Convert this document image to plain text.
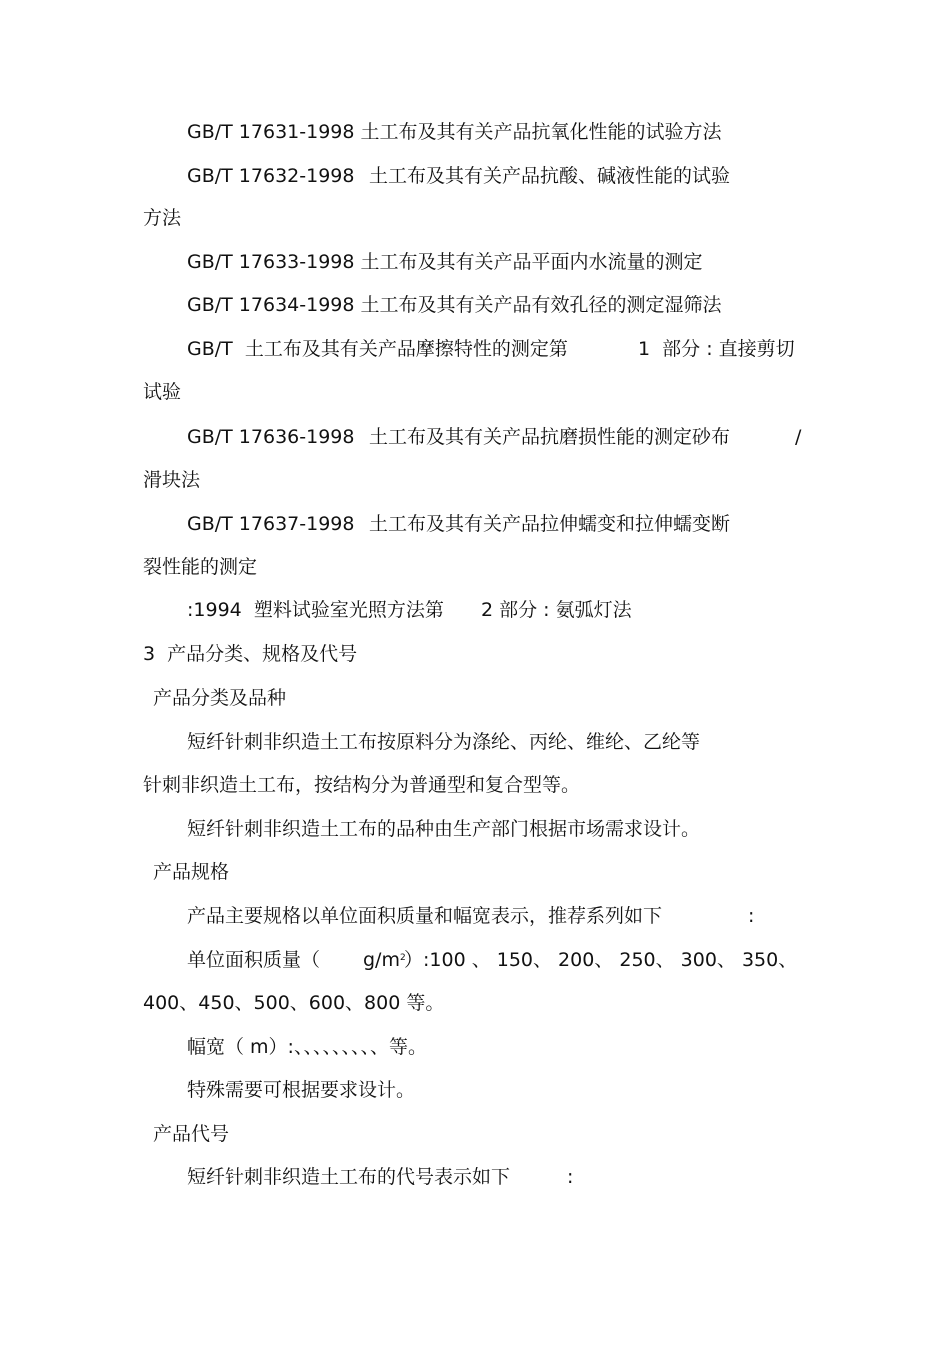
GB/T 17631-1998 土工布及其有关产品抗氧化性能的试验方法

GB/T 17632-1998

土工布及其有关产品抗酸、碱液性能的试验

方法

GB/T 17633-1998 土工布及其有关产品平面内水流量的测定

GB/T 17634-1998 土工布及其有关产品有效孔径的测定湿筛法

GB/T  土工布及其有关产品摩擦特性的测定第

	1  部分 : 直接剪切

试验

GB/T 17636-1998

土工布及其有关产品抗磨损性能的测定砂布

	/

滑块法

GB/T 17637-1998

土工布及其有关产品拉伸蠕变和拉伸蠕变断

裂性能的测定

:1994  塑料试验室光照方法第

2 部分 : 氨弧灯法

3  产品分类、规格及代号

产品分类及品种

短纤针刺非织造土工布按原料分为涤纶、丙纶、维纶、乙纶等

针刺非织造土工布，按结构分为普通型和复合型等。

短纤针刺非织造土工布的品种由生产部门根据市场需求设计。

产品规格

产品主要规格以单位面积质量和幅宽表示，推荐系列如下

	:

单位面积质量（

$g/m^2$

）:100 、 150、 200、 250、 300、 350、

400、450、500、600、800 等。

幅宽（ m）:、、、、、、、、、等。

特殊需要可根据要求设计。

产品代号

短纤针刺非织造土工布的代号表示如下

	:
